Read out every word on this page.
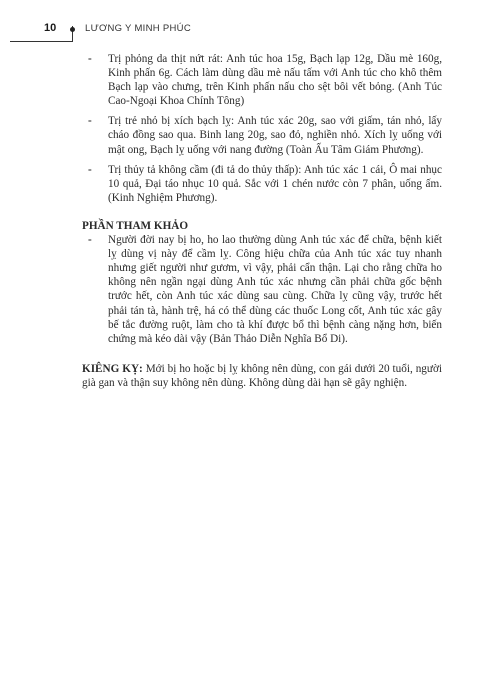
10	LƯƠNG Y MINH PHÚC
- Trị phỏng da thịt nứt rát: Anh túc hoa 15g, Bạch lạp 12g, Dầu mè 160g, Kinh phấn 6g. Cách làm dùng dầu mè nấu tấm với Anh túc cho khô thêm Bạch lạp vào chưng, trên Kinh phấn nấu cho sệt bôi vết bỏng. (Anh Túc Cao-Ngoại Khoa Chính Tông)
- Trị trẻ nhỏ bị xích bạch lỵ: Anh túc xác 20g, sao với giấm, tán nhỏ, lấy cháo đồng sao qua. Binh lang 20g, sao đỏ, nghiền nhỏ. Xích lỵ uống với mật ong, Bạch lỵ uống với nang đường (Toàn Ấu Tâm Giám Phương).
- Trị thủy tả không cầm (đi tả do thủy thấp): Anh túc xác 1 cái, Ô mai nhục 10 quả, Đại táo nhục 10 quả. Sắc với 1 chén nước còn 7 phân, uống ấm. (Kinh Nghiệm Phương).
PHẦN THAM KHẢO
- Người đời nay bị ho, ho lao thường dùng Anh túc xác để chữa, bệnh kiết lỵ dùng vị này để cầm lỵ. Công hiệu chữa của Anh túc xác tuy nhanh nhưng giết người như gươm, vì vậy, phải cẩn thận. Lại cho rằng chữa ho không nên ngần ngại dùng Anh túc xác nhưng cần phải chữa gốc bệnh trước hết, còn Anh túc xác dùng sau cùng. Chữa lỵ cũng vậy, trước hết phải tán tà, hành trệ, há có thể dùng các thuốc Long cốt, Anh túc xác gây bế tắc đường ruột, làm cho tà khí được bổ thì bệnh càng nặng hơn, biến chứng mà kéo dài vậy (Bản Thảo Diễn Nghĩa Bổ Di).

KIÊNG KỴ: Mới bị ho hoặc bị lỵ không nên dùng, con gái dưới 20 tuổi, người già gan và thận suy không nên dùng. Không dùng dài hạn sẽ gây nghiện.
